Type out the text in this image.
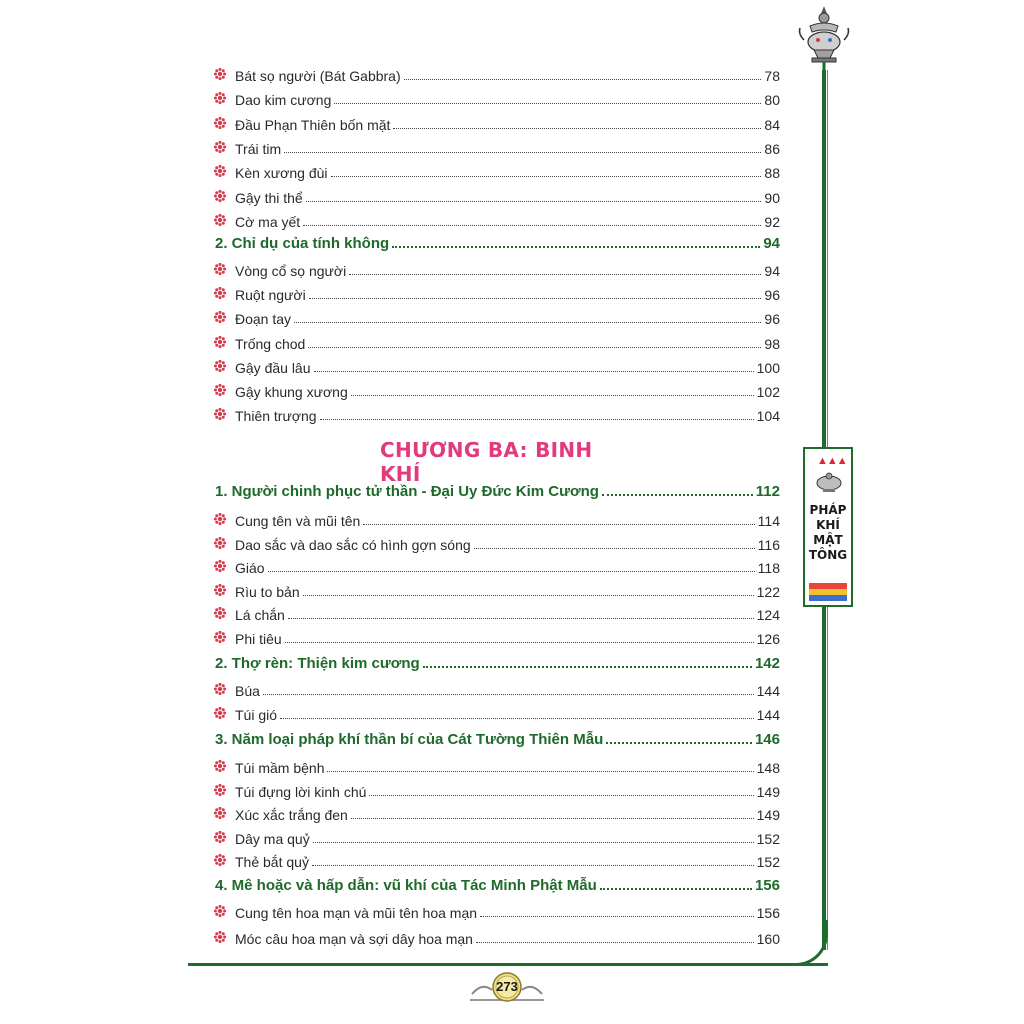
▲▲▲
PHÁP
KHÍ
MẬT
TÔNG
CHƯƠNG BA: BINH KHÍ
Bát sọ người (Bát Gabbra)	78
Dao kim cương	80
Đầu Phạn Thiên bốn mặt	84
Trái tim	86
Kèn xương đùi	88
Gậy thi thể	90
Cờ ma yết	92
2. Chỉ dụ của tính không	94
Vòng cổ sọ người	94
Ruột người	96
Đoạn tay	96
Trống chod	98
Gậy đầu lâu	100
Gậy khung xương	102
Thiên trượng	104
1. Người chinh phục tử thần - Đại Uy Đức Kim Cương	112
Cung tên và mũi tên	114
Dao sắc và dao sắc có hình gợn sóng	116
Giáo	118
Rìu to bản	122
Lá chắn	124
Phi tiêu	126
2. Thợ rèn: Thiện kim cương	142
Búa	144
Túi gió	144
3. Năm loại pháp khí thần bí của Cát Tường Thiên Mẫu	146
Túi mầm bệnh	148
Túi đựng lời kinh chú	149
Xúc xắc trắng đen	149
Dây ma quỷ	152
Thẻ bắt quỷ	152
4. Mê hoặc và hấp dẫn: vũ khí của Tác Minh Phật Mẫu	156
Cung tên hoa mạn và mũi tên hoa mạn	156
Móc câu hoa mạn và sợi dây hoa mạn	160
273
